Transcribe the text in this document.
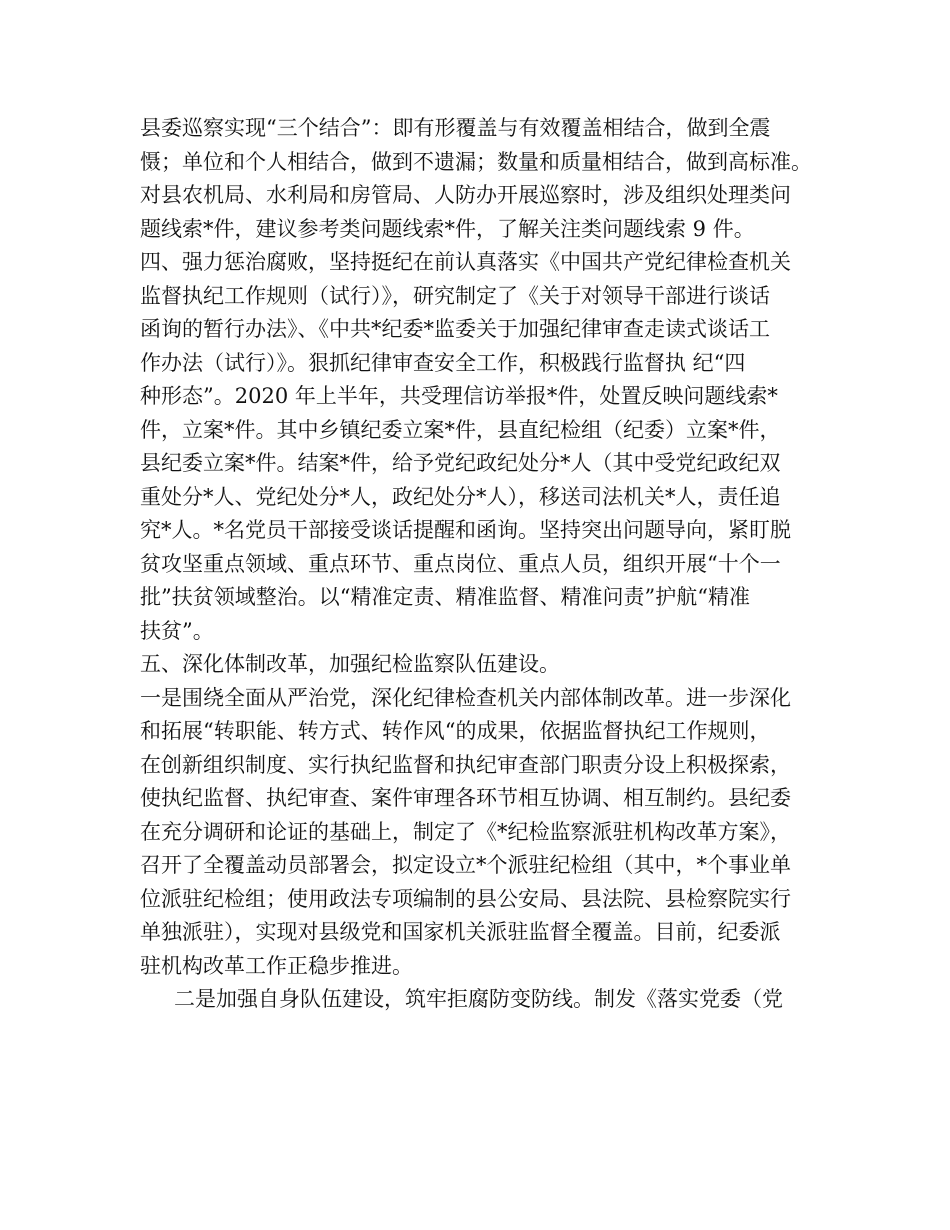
县委巡察实现“三个结合”：即有形覆盖与有效覆盖相结合，做到全震
慑；单位和个人相结合，做到不遗漏；数量和质量相结合，做到高标准。
对县农机局、水利局和房管局、人防办开展巡察时，涉及组织处理类问
题线索*件，建议参考类问题线索*件，了解关注类问题线索 9 件。
四、强力惩治腐败，坚持挺纪在前认真落实《中国共产党纪律检查机关
监督执纪工作规则（试行）》，研究制定了《关于对领导干部进行谈话
函询的暂行办法》、《中共*纪委*监委关于加强纪律审查走读式谈话工
作办法（试行）》。狠抓纪律审查安全工作，积极践行监督执 纪“四
种形态”。2020 年上半年，共受理信访举报*件，处置反映问题线索*
件，立案*件。其中乡镇纪委立案*件，县直纪检组（纪委）立案*件，
县纪委立案*件。结案*件，给予党纪政纪处分*人（其中受党纪政纪双
重处分*人、党纪处分*人，政纪处分*人），移送司法机关*人，责任追
究*人。*名党员干部接受谈话提醒和函询。坚持突出问题导向，紧盯脱
贫攻坚重点领域、重点环节、重点岗位、重点人员，组织开展“十个一
批”扶贫领域整治。以“精准定责、精准监督、精准问责”护航“精准
扶贫”。
五、深化体制改革，加强纪检监察队伍建设。
一是围绕全面从严治党，深化纪律检查机关内部体制改革。进一步深化
和拓展“转职能、转方式、转作风“的成果，依据监督执纪工作规则，
在创新组织制度、实行执纪监督和执纪审查部门职责分设上积极探索，
使执纪监督、执纪审查、案件审理各环节相互协调、相互制约。县纪委
在充分调研和论证的基础上，制定了《*纪检监察派驻机构改革方案》，
召开了全覆盖动员部署会，拟定设立*个派驻纪检组（其中，*个事业单
位派驻纪检组；使用政法专项编制的县公安局、县法院、县检察院实行
单独派驻），实现对县级党和国家机关派驻监督全覆盖。目前，纪委派
驻机构改革工作正稳步推进。
二是加强自身队伍建设，筑牢拒腐防变防线。制发《落实党委（党
